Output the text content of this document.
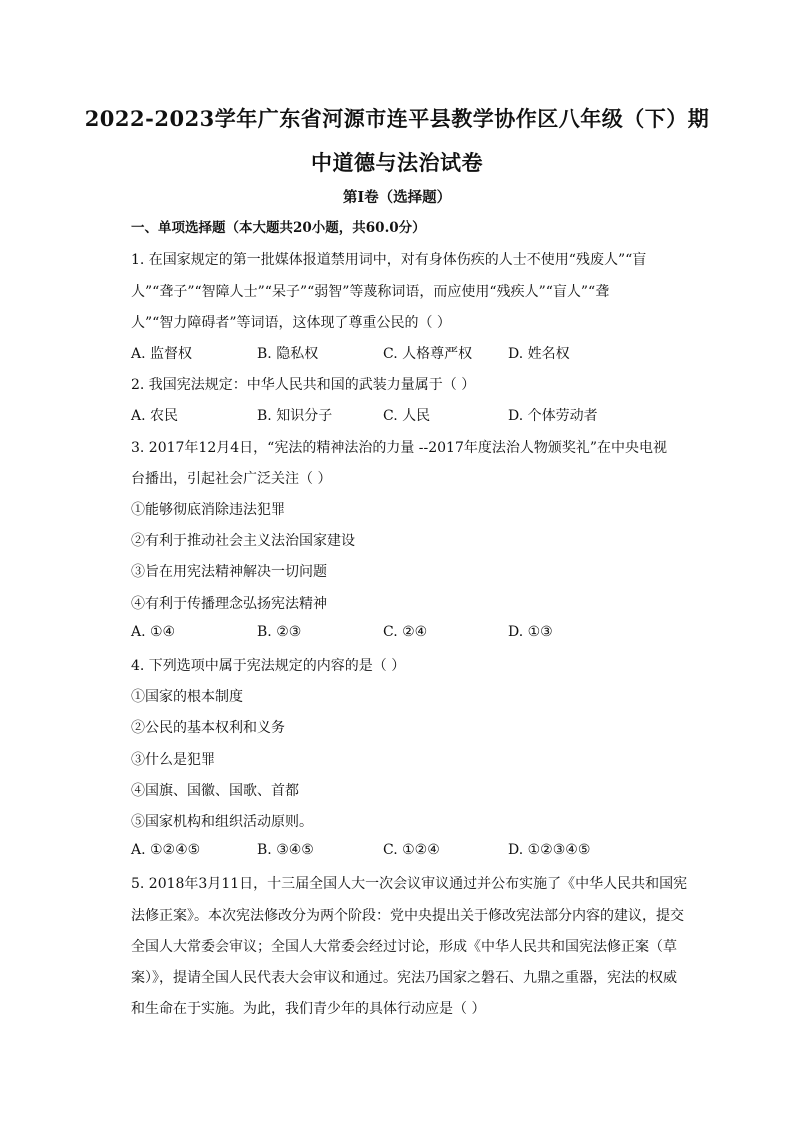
2022-2023学年广东省河源市连平县教学协作区八年级（下）期
中道德与法治试卷
第I卷（选择题）
一、单项选择题（本大题共20小题，共60.0分）
1. 在国家规定的第一批媒体报道禁用词中，对有身体伤疾的人士不使用“残废人”“盲
人”“聋子”“智障人士”“呆子”“弱智”等蔑称词语，而应使用“残疾人”“盲人”“聋
人”“智力障碍者”等词语，这体现了尊重公民的（ ）
A. 监督权	B. 隐私权	C. 人格尊严权	D. 姓名权
2. 我国宪法规定：中华人民共和国的武装力量属于（ ）
A. 农民	B. 知识分子	C. 人民	D. 个体劳动者
3. 2017年12月4日，“宪法的精神法治的力量 --2017年度法治人物颁奖礼”在中央电视
台播出，引起社会广泛关注（ ）
①能够彻底消除违法犯罪
②有利于推动社会主义法治国家建设
③旨在用宪法精神解决一切问题
④有利于传播理念弘扬宪法精神
A. ①④	B. ②③	C. ②④	D. ①③
4. 下列选项中属于宪法规定的内容的是（ ）
①国家的根本制度
②公民的基本权利和义务
③什么是犯罪
④国旗、国徽、国歌、首都
⑤国家机构和组织活动原则。
A. ①②④⑤	B. ③④⑤	C. ①②④	D. ①②③④⑤
5. 2018年3月11日，十三届全国人大一次会议审议通过并公布实施了《中华人民共和国宪
法修正案》。本次宪法修改分为两个阶段：党中央提出关于修改宪法部分内容的建议，提交
全国人大常委会审议；全国人大常委会经过讨论，形成《中华人民共和国宪法修正案（草
案）》，提请全国人民代表大会审议和通过。宪法乃国家之磐石、九鼎之重器，宪法的权威
和生命在于实施。为此，我们青少年的具体行动应是（ ）
